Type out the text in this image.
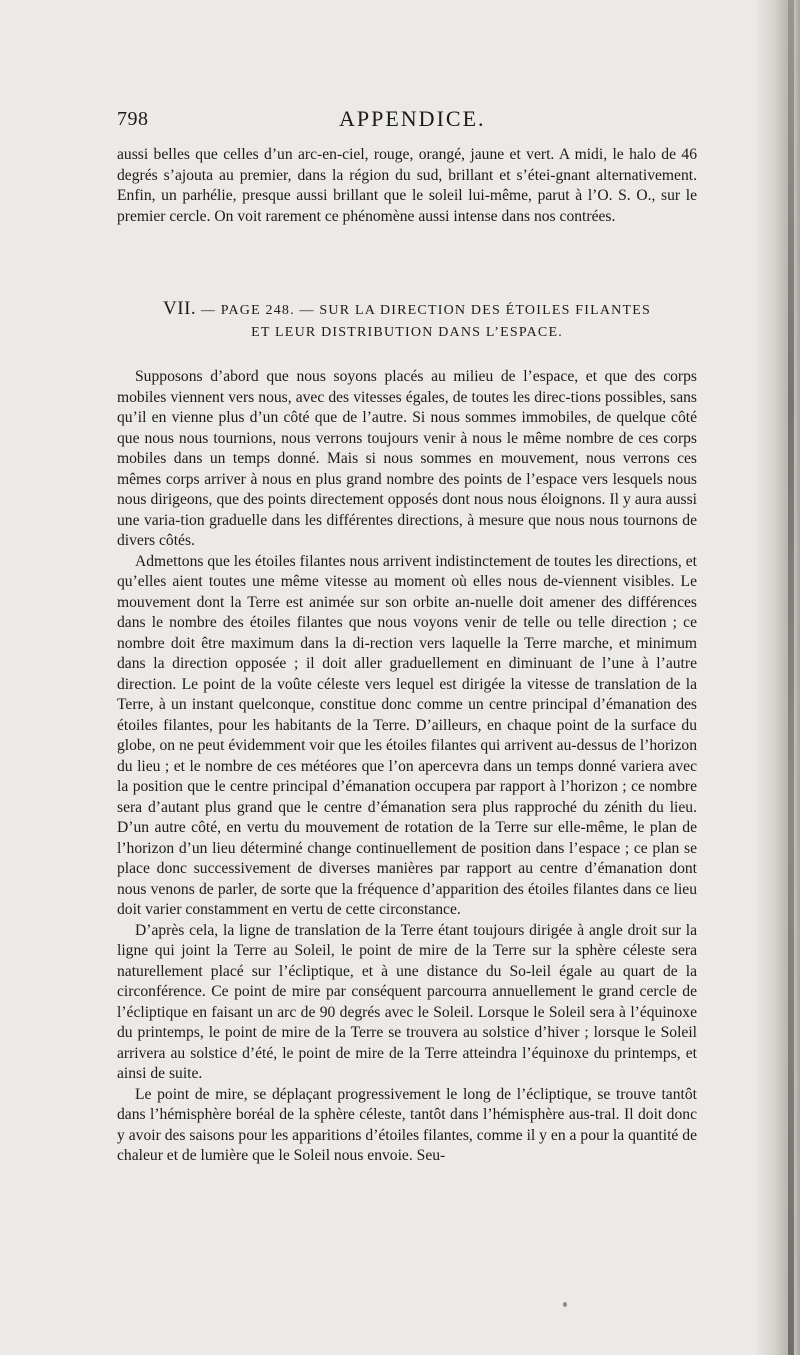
798	APPENDICE.

aussi belles que celles d’un arc-en-ciel, rouge, orangé, jaune et vert. A midi, le halo de 46 degrés s’ajouta au premier, dans la région du sud, brillant et s’étei-gnant alternativement. Enfin, un parhélie, presque aussi brillant que le soleil lui-même, parut à l’O. S. O., sur le premier cercle. On voit rarement ce phénomène aussi intense dans nos contrées.

VII. — PAGE 248. — SUR LA DIRECTION DES ÉTOILES FILANTES
ET LEUR DISTRIBUTION DANS L’ESPACE.

Supposons d’abord que nous soyons placés au milieu de l’espace, et que des corps mobiles viennent vers nous, avec des vitesses égales, de toutes les direc-tions possibles, sans qu’il en vienne plus d’un côté que de l’autre. Si nous sommes immobiles, de quelque côté que nous nous tournions, nous verrons toujours venir à nous le même nombre de ces corps mobiles dans un temps donné. Mais si nous sommes en mouvement, nous verrons ces mêmes corps arriver à nous en plus grand nombre des points de l’espace vers lesquels nous nous dirigeons, que des points directement opposés dont nous nous éloignons. Il y aura aussi une varia-tion graduelle dans les différentes directions, à mesure que nous nous tournons de divers côtés.

Admettons que les étoiles filantes nous arrivent indistinctement de toutes les directions, et qu’elles aient toutes une même vitesse au moment où elles nous de-viennent visibles. Le mouvement dont la Terre est animée sur son orbite an-nuelle doit amener des différences dans le nombre des étoiles filantes que nous voyons venir de telle ou telle direction ; ce nombre doit être maximum dans la di-rection vers laquelle la Terre marche, et minimum dans la direction opposée ; il doit aller graduellement en diminuant de l’une à l’autre direction. Le point de la voûte céleste vers lequel est dirigée la vitesse de translation de la Terre, à un instant quelconque, constitue donc comme un centre principal d’émanation des étoiles filantes, pour les habitants de la Terre. D’ailleurs, en chaque point de la surface du globe, on ne peut évidemment voir que les étoiles filantes qui arrivent au-dessus de l’horizon du lieu ; et le nombre de ces météores que l’on apercevra dans un temps donné variera avec la position que le centre principal d’émanation occupera par rapport à l’horizon ; ce nombre sera d’autant plus grand que le centre d’émanation sera plus rapproché du zénith du lieu. D’un autre côté, en vertu du mouvement de rotation de la Terre sur elle-même, le plan de l’horizon d’un lieu déterminé change continuellement de position dans l’espace ; ce plan se place donc successivement de diverses manières par rapport au centre d’émanation dont nous venons de parler, de sorte que la fréquence d’apparition des étoiles filantes dans ce lieu doit varier constamment en vertu de cette circonstance.

D’après cela, la ligne de translation de la Terre étant toujours dirigée à angle droit sur la ligne qui joint la Terre au Soleil, le point de mire de la Terre sur la sphère céleste sera naturellement placé sur l’écliptique, et à une distance du So-leil égale au quart de la circonférence. Ce point de mire par conséquent parcourra annuellement le grand cercle de l’écliptique en faisant un arc de 90 degrés avec le Soleil. Lorsque le Soleil sera à l’équinoxe du printemps, le point de mire de la Terre se trouvera au solstice d’hiver ; lorsque le Soleil arrivera au solstice d’été, le point de mire de la Terre atteindra l’équinoxe du printemps, et ainsi de suite.

Le point de mire, se déplaçant progressivement le long de l’écliptique, se trouve tantôt dans l’hémisphère boréal de la sphère céleste, tantôt dans l’hémisphère aus-tral. Il doit donc y avoir des saisons pour les apparitions d’étoiles filantes, comme il y en a pour la quantité de chaleur et de lumière que le Soleil nous envoie. Seu-
